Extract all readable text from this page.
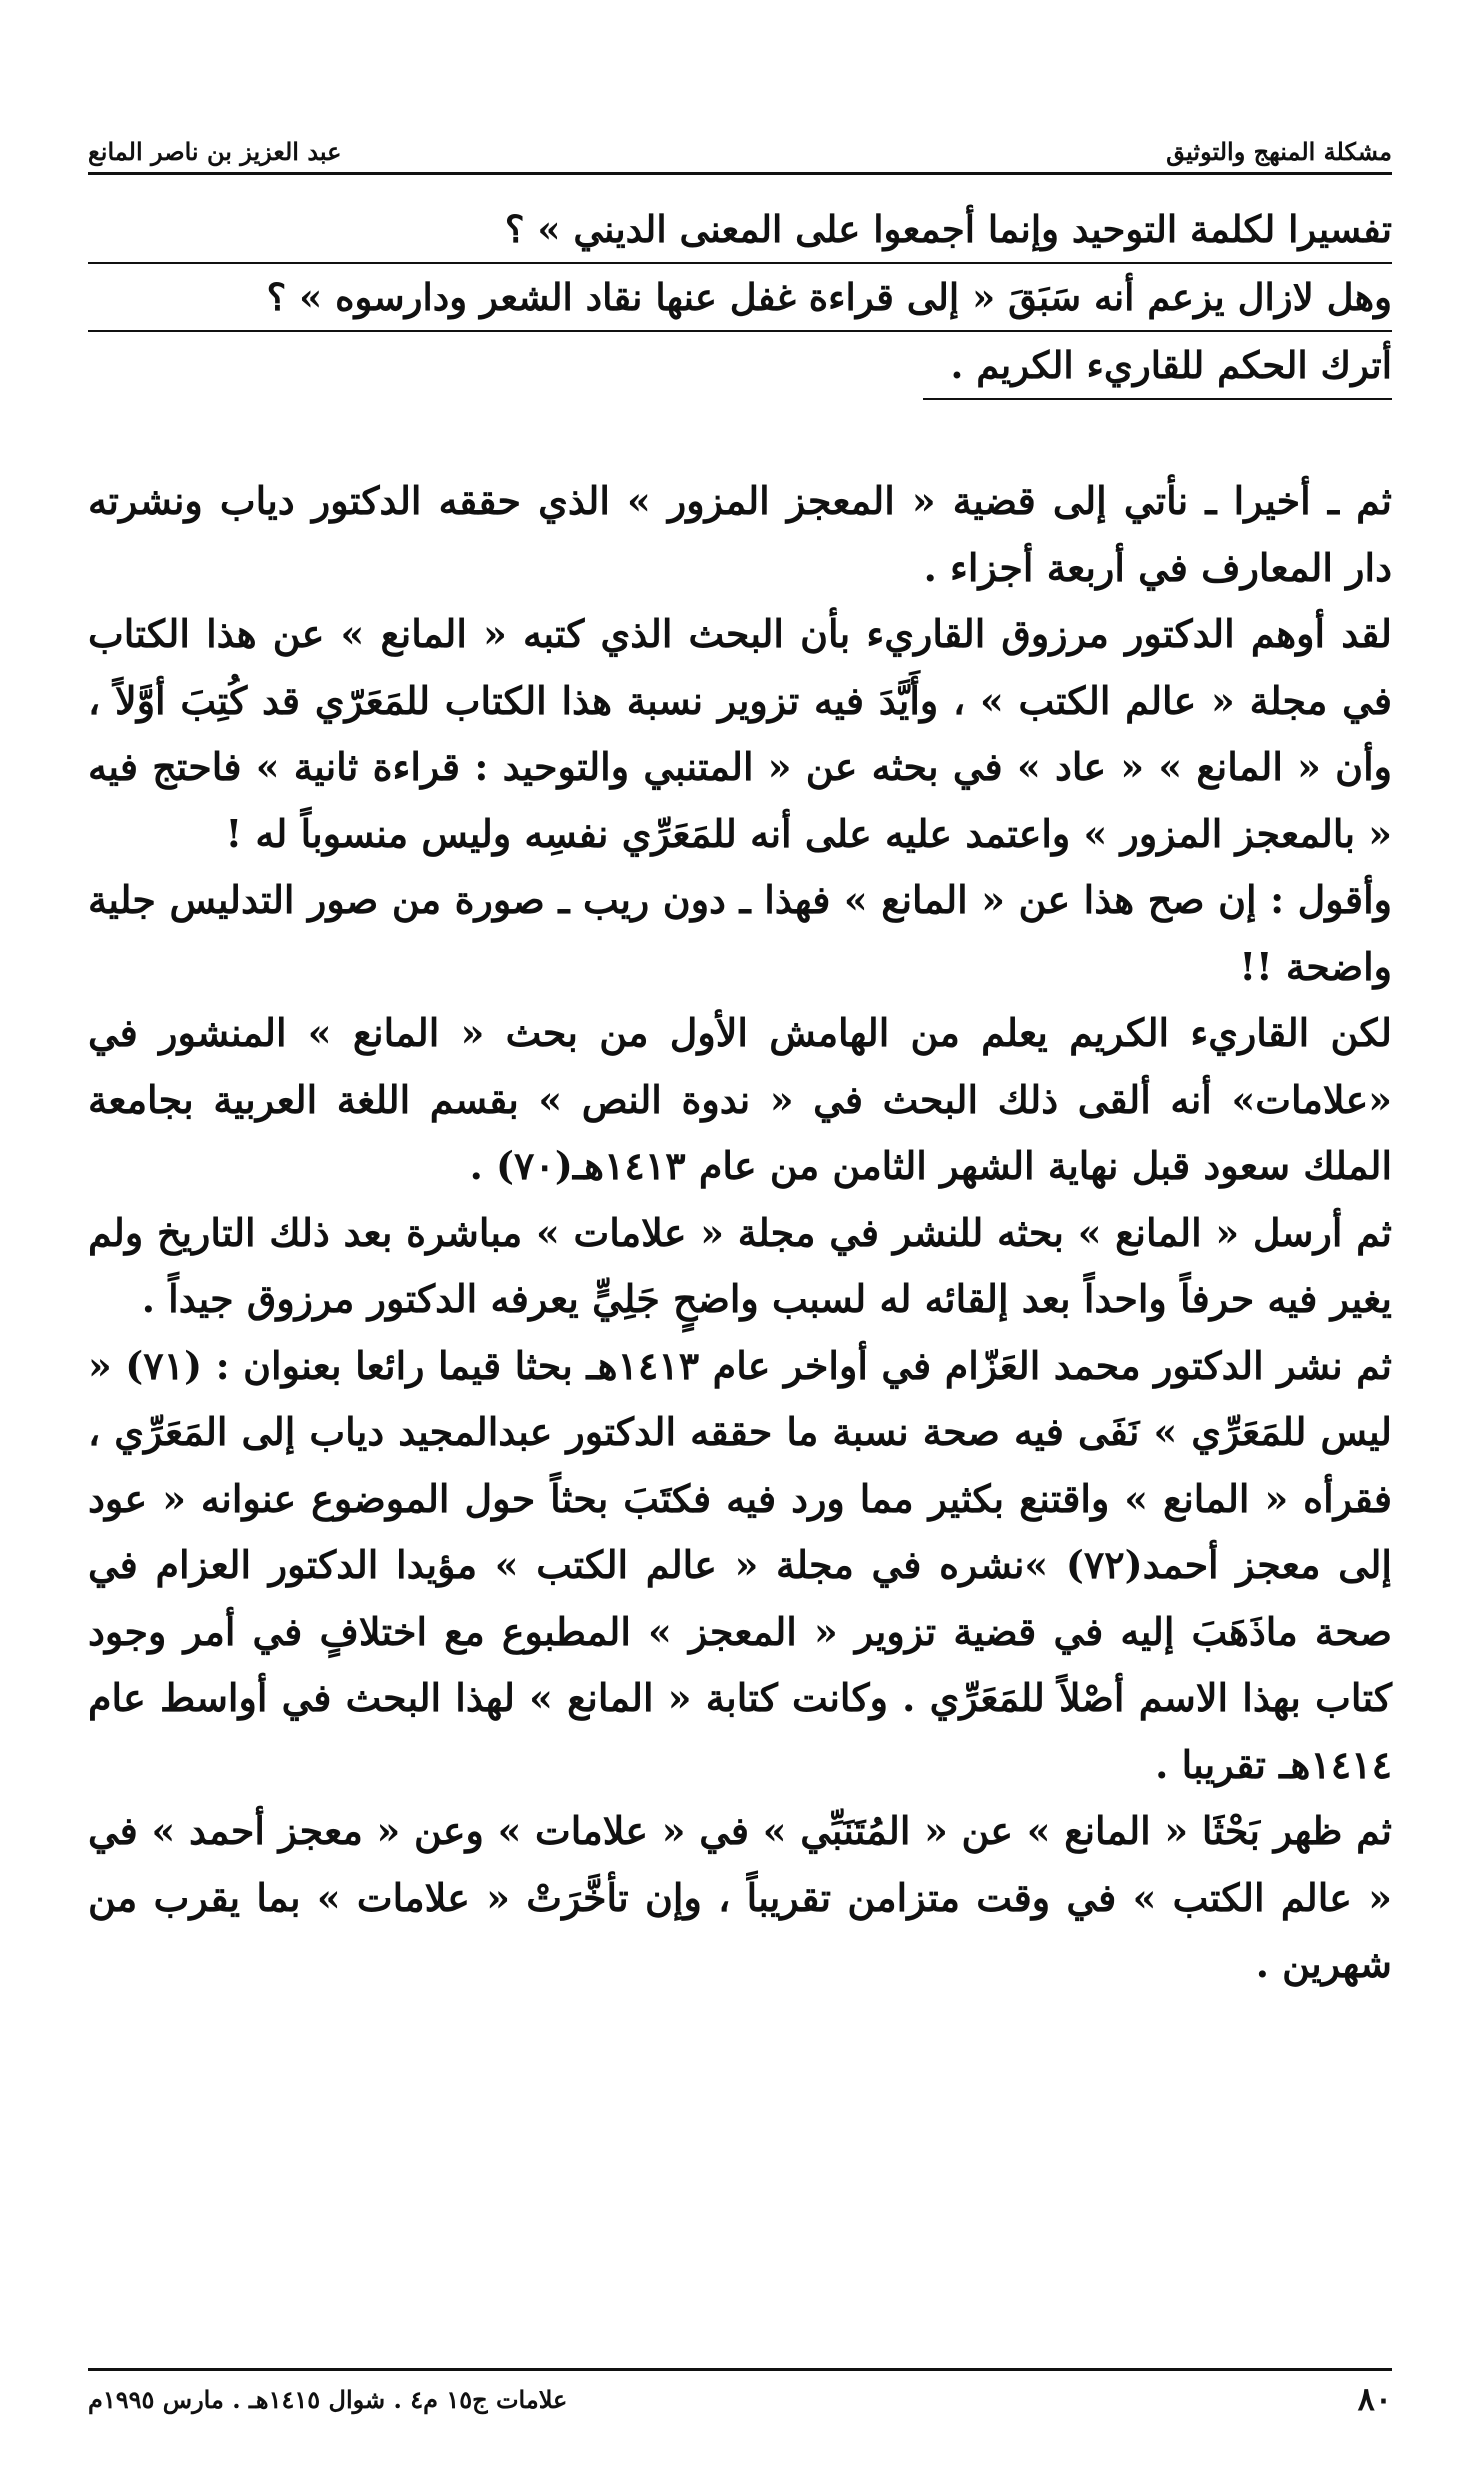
مشكلة المنهج والتوثيق
عبد العزيز بن ناصر المانع
تفسيرا لكلمة التوحيد وإنما أجمعوا على المعنى الديني » ؟
وهل لازال يزعم أنه سَبَقَ « إلى قراءة غفل عنها نقاد الشعر ودارسوه » ؟
أترك الحكم للقاريء الكريم .

ثم ـ أخيرا ـ نأتي إلى قضية « المعجز المزور » الذي حققه الدكتور دياب ونشرته دار المعارف في أربعة أجزاء .

لقد أوهم الدكتور مرزوق القاريء بأن البحث الذي كتبه « المانع » عن هذا الكتاب في مجلة « عالم الكتب » ، وأَيَّدَ فيه تزوير نسبة هذا الكتاب للمَعَرّي قد كُتِبَ أوَّلاً ، وأن « المانع » « عاد » في بحثه عن « المتنبي والتوحيد : قراءة ثانية » فاحتج فيه « بالمعجز المزور » واعتمد عليه على أنه للمَعَرِّي نفسِه وليس منسوباً له !

وأقول : إن صح هذا عن « المانع » فهذا ـ دون ريب ـ صورة من صور التدليس جلية واضحة !!

لكن القاريء الكريم يعلم من الهامش الأول من بحث « المانع » المنشور في «علامات» أنه ألقى ذلك البحث في « ندوة النص » بقسم اللغة العربية بجامعة الملك سعود قبل نهاية الشهر الثامن من عام ١٤١٣هـ(٧٠) .

ثم أرسل « المانع » بحثه للنشر في مجلة « علامات » مباشرة بعد ذلك التاريخ ولم يغير فيه حرفاً واحداً بعد إلقائه له لسبب واضحٍ جَلِيٍّ يعرفه الدكتور مرزوق جيداً .

ثم نشر الدكتور محمد العَزّام في أواخر عام ١٤١٣هـ بحثا قيما رائعا بعنوان : (٧١) « ليس للمَعَرِّي » نَفَى فيه صحة نسبة ما حققه الدكتور عبدالمجيد دياب إلى المَعَرِّي ، فقرأه « المانع » واقتنع بكثير مما ورد فيه فكتَبَ بحثاً حول الموضوع عنوانه « عود إلى معجز أحمد(٧٢) »نشره في مجلة « عالم الكتب » مؤيدا الدكتور العزام في صحة ماذَهَبَ إليه في قضية تزوير « المعجز » المطبوع مع اختلافٍ في أمر وجود كتاب بهذا الاسم أصْلاً للمَعَرِّي . وكانت كتابة « المانع » لهذا البحث في أواسط عام ١٤١٤هـ تقريبا .

ثم ظهر بَحْثَا « المانع » عن « المُتَنَبِّي » في « علامات » وعن « معجز أحمد » في « عالم الكتب » في وقت متزامن تقريباً ، وإن تأخَّرَتْ « علامات » بما يقرب من شهرين .

٨٠
علامات ج١٥ م٤ . شوال ١٤١٥هـ . مارس ١٩٩٥م
